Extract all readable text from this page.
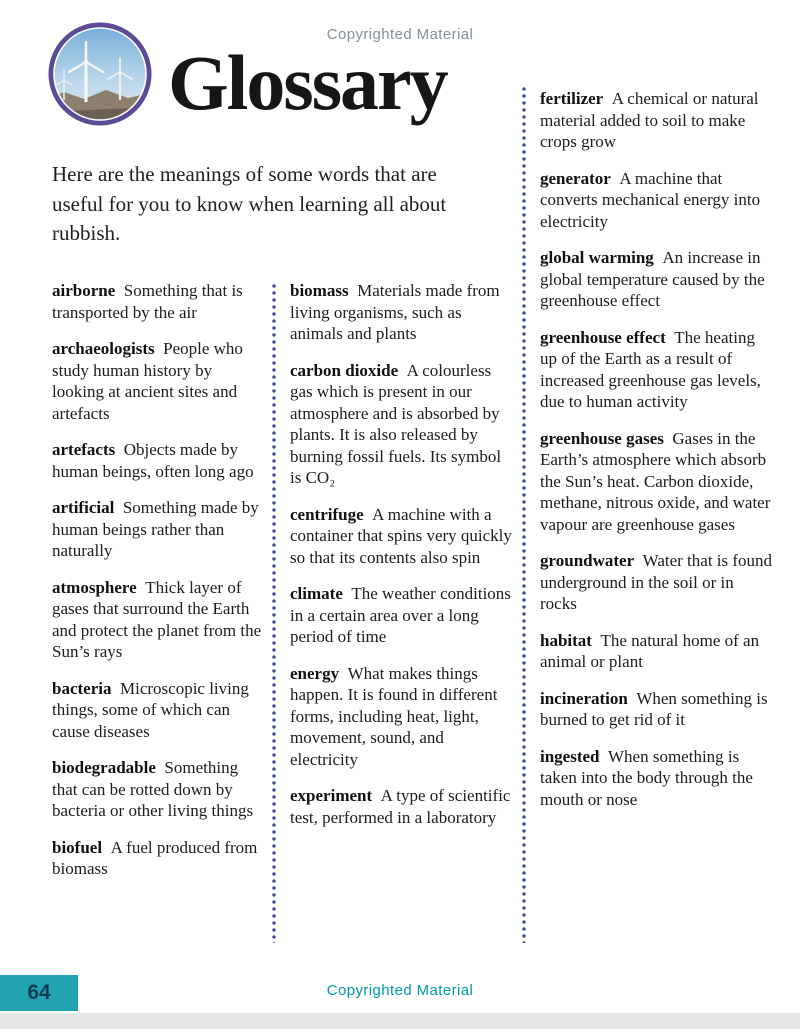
Copyrighted Material
Glossary

Here are the meanings of some words that are useful for you to know when learning all about rubbish.

airborne Something that is transported by the air

archaeologists People who study human history by looking at ancient sites and artefacts

artefacts Objects made by human beings, often long ago

artificial Something made by human beings rather than naturally

atmosphere Thick layer of gases that surround the Earth and protect the planet from the Sun’s rays

bacteria Microscopic living things, some of which can cause diseases

biodegradable Something that can be rotted down by bacteria or other living things

biofuel A fuel produced from biomass

biomass Materials made from living organisms, such as animals and plants

carbon dioxide A colourless gas which is present in our atmosphere and is absorbed by plants. It is also released by burning fossil fuels. Its symbol is CO₂

centrifuge A machine with a container that spins very quickly so that its contents also spin

climate The weather conditions in a certain area over a long period of time

energy What makes things happen. It is found in different forms, including heat, light, movement, sound, and electricity

experiment A type of scientific test, performed in a laboratory

fertilizer A chemical or natural material added to soil to make crops grow

generator A machine that converts mechanical energy into electricity

global warming An increase in global temperature caused by the greenhouse effect

greenhouse effect The heating up of the Earth as a result of increased greenhouse gas levels, due to human activity

greenhouse gases Gases in the Earth’s atmosphere which absorb the Sun’s heat. Carbon dioxide, methane, nitrous oxide, and water vapour are greenhouse gases

groundwater Water that is found underground in the soil or in rocks

habitat The natural home of an animal or plant

incineration When something is burned to get rid of it

ingested When something is taken into the body through the mouth or nose

64	Copyrighted Material
